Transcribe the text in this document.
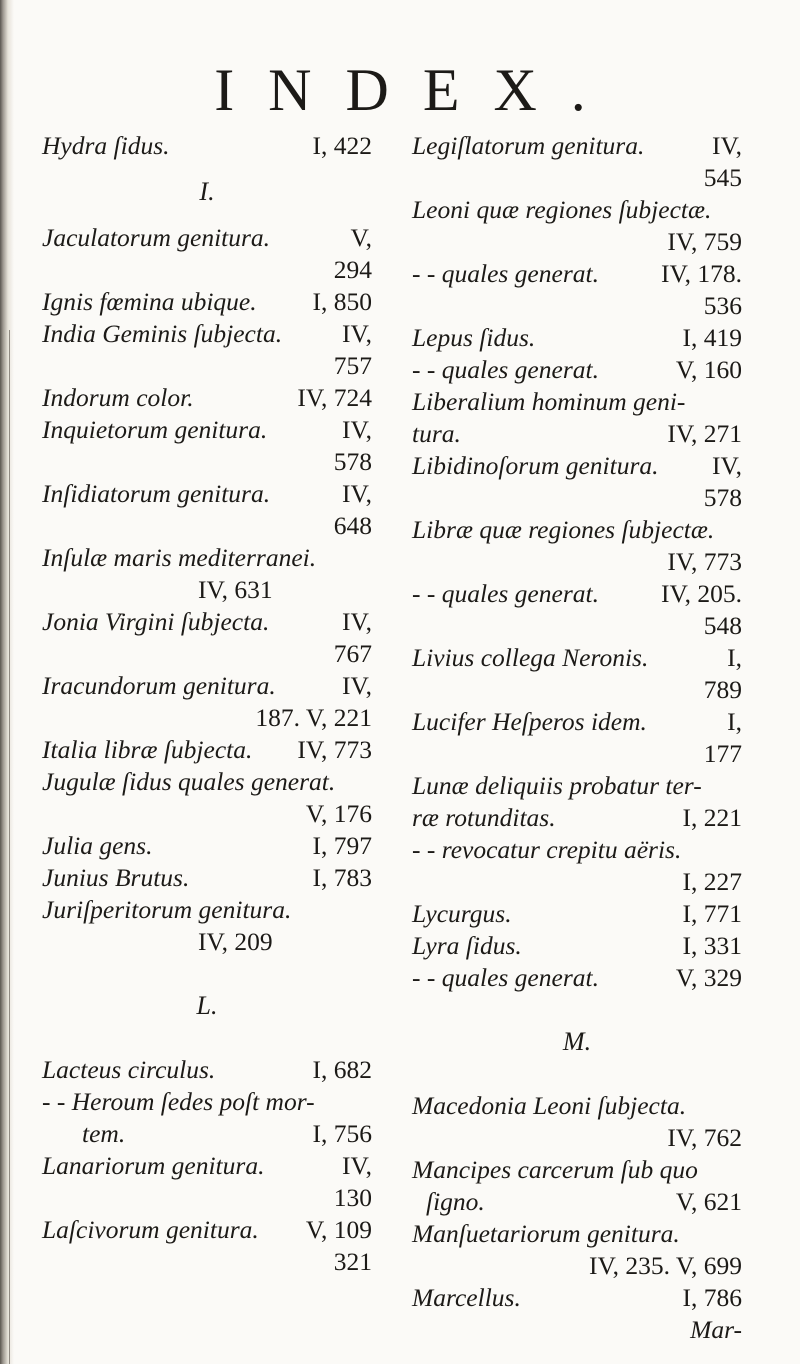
INDEX.
Hydra ſidus.	I, 422
I.
Jaculatorum genitura.	V,
294
Ignis fœmina ubique. I, 850
India Geminis ſubjecta. IV,
757
Indorum color.	IV, 724
Inquietorum genitura.	IV,
578
Inſidiatorum genitura.	IV,
648
Inſulæ maris mediterranei.
IV, 631
Jonia Virgini ſubjecta.	IV,
767
Iracundorum genitura.	IV,
187. V, 221
Italia libræ ſubjecta. IV, 773
Jugulæ ſidus quales generat.
V, 176
Julia gens.	I, 797
Junius Brutus.	I, 783
Juriſperitorum genitura.
IV, 209
L.
Lacteus circulus.	I, 682
- - Heroum ſedes poſt mor-
tem.	I, 756
Lanariorum genitura.	IV,
130
Laſcivorum genitura. V, 109
321
Legiſlatorum genitura.	IV,
545
Leoni quæ regiones ſubjectæ.
IV, 759
- - quales generat. IV, 178.
536
Lepus ſidus.	I, 419
- - quales generat.	V, 160
Liberalium hominum geni-
tura.	IV, 271
Libidinoſorum genitura. IV,
578
Libræ quæ regiones ſubjectæ.
IV, 773
- - quales generat. IV, 205.
548
Livius collega Neronis.	I,
789
Lucifer Heſperos idem.	I,
177
Lunæ deliquiis probatur ter-
ræ rotunditas.	I, 221
- - revocatur crepitu aëris.
I, 227
Lycurgus.	I, 771
Lyra ſidus.	I, 331
- - quales generat.	V, 329
M.
Macedonia Leoni ſubjecta.
IV, 762
Mancipes carcerum ſub quo
ſigno.	V, 621
Manſuetariorum genitura.
IV, 235. V, 699
Marcellus.	I, 786
Mar-
